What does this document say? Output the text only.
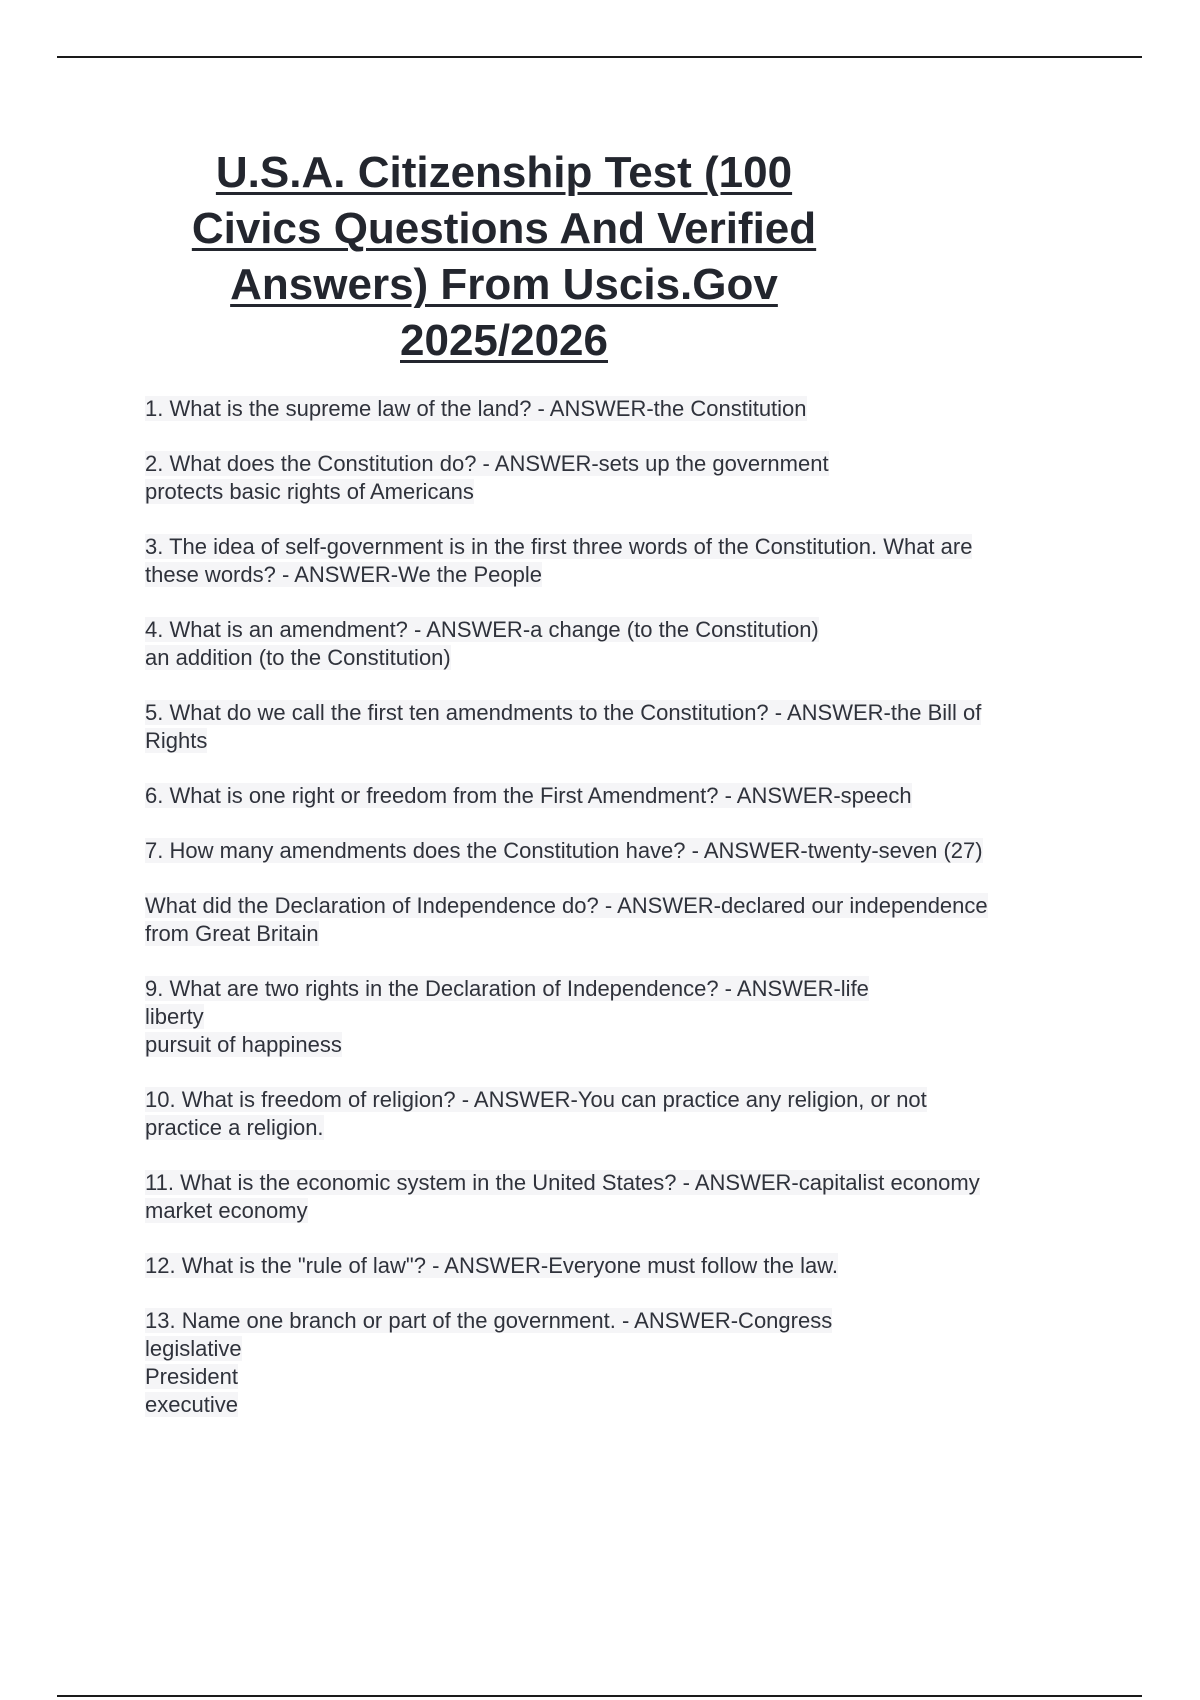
U.S.A. Citizenship Test (100
Civics Questions And Verified
Answers) From Uscis.Gov
2025/2026
1. What is the supreme law of the land? - ANSWER-the Constitution
2. What does the Constitution do? - ANSWER-sets up the government
protects basic rights of Americans
3. The idea of self-government is in the first three words of the Constitution. What are
these words? - ANSWER-We the People
4. What is an amendment? - ANSWER-a change (to the Constitution)
an addition (to the Constitution)
5. What do we call the first ten amendments to the Constitution? - ANSWER-the Bill of
Rights
6. What is one right or freedom from the First Amendment? - ANSWER-speech
7. How many amendments does the Constitution have? - ANSWER-twenty-seven (27)
What did the Declaration of Independence do? - ANSWER-declared our independence
from Great Britain
9. What are two rights in the Declaration of Independence? - ANSWER-life
liberty
pursuit of happiness
10. What is freedom of religion? - ANSWER-You can practice any religion, or not
practice a religion.
11. What is the economic system in the United States? - ANSWER-capitalist economy
market economy
12. What is the "rule of law"? - ANSWER-Everyone must follow the law.
13. Name one branch or part of the government. - ANSWER-Congress
legislative
President
executive
